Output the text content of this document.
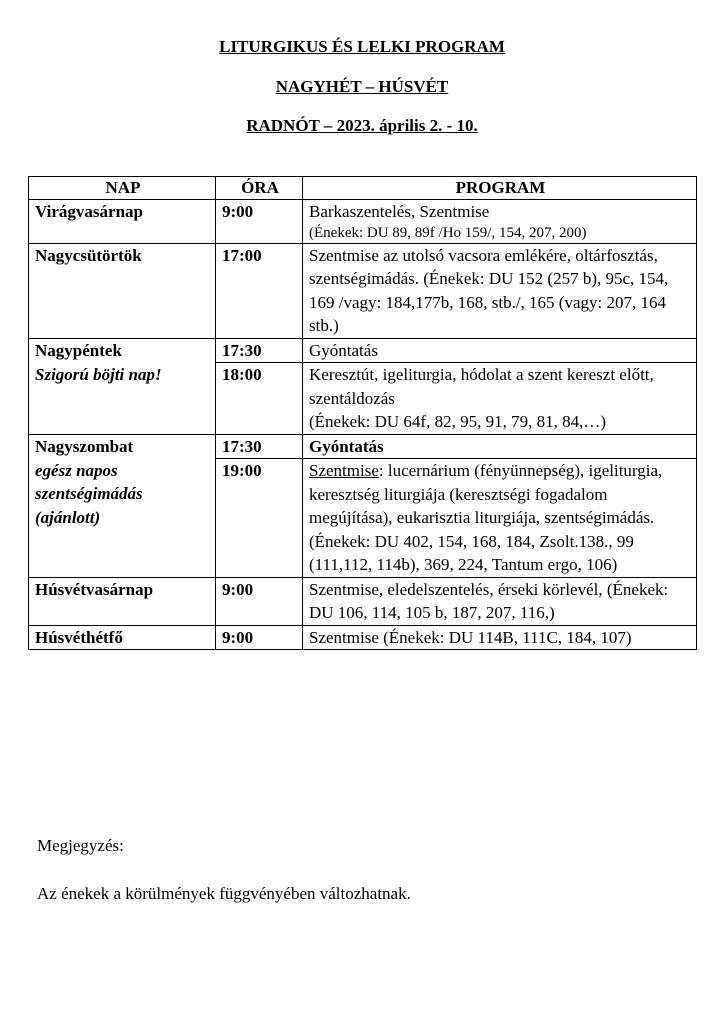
LITURGIKUS ÉS LELKI PROGRAM
NAGYHÉT – HÚSVÉT
RADNÓT – 2023. április 2. - 10.
NAP	ÓRA	PROGRAM
Virágvasárnap	9:00	Barkaszentelés, Szentmise
(Énekek: DU 89, 89f /Ho 159/, 154, 207, 200)

Nagycsütörtök	17:00	Szentmise az utolsó vacsora emlékére, oltárfosztás, szentségimádás. (Énekek: DU 152 (257 b), 95c, 154, 169 /vagy: 184,177b, 168, stb./, 165 (vagy: 207, 164 stb.)
Nagypéntek	17:30	Gyóntatás
Szigorú böjti nap!	18:00	Keresztút, igeliturgia, hódolat a szent kereszt előtt, szentáldozás
(Énekek: DU 64f, 82, 95, 91, 79, 81, 84,…)
Nagyszombat	17:30	Gyóntatás
egész napos szentségimádás (ajánlott)	19:00	Szentmise: lucernárium (fényünnepség), igeliturgia, keresztség liturgiája (keresztségi fogadalom megújítása), eukarisztia liturgiája, szentségimádás. (Énekek: DU 402, 154, 168, 184, Zsolt.138., 99 (111,112, 114b), 369, 224, Tantum ergo, 106)
Húsvétvasárnap	9:00	Szentmise, eledelszentelés, érseki körlevél, (Énekek: DU 106, 114, 105 b, 187, 207, 116,)
Húsvéthétfő	9:00	Szentmise (Énekek: DU 114B, 111C, 184, 107)
Megjegyzés:
Az énekek a körülmények függvényében változhatnak.
